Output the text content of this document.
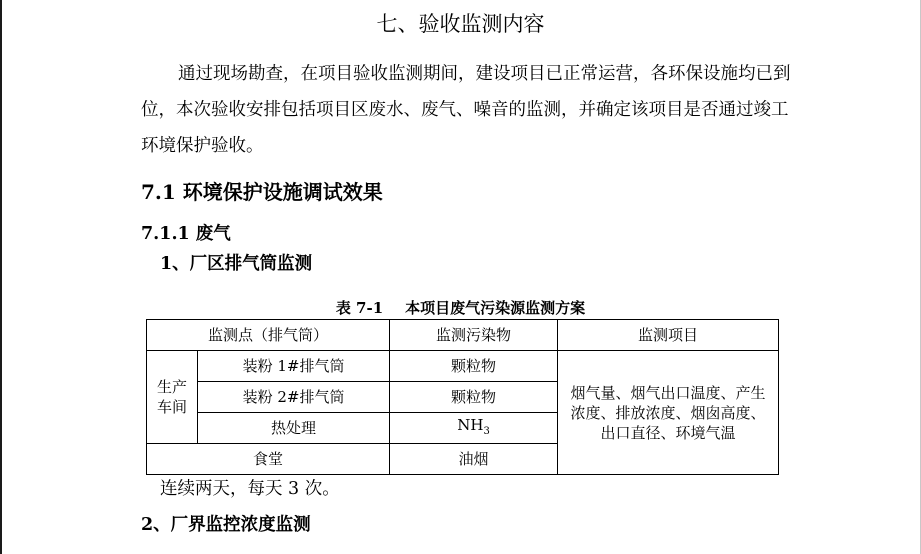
七、验收监测内容
通过现场勘查，在项目验收监测期间，建设项目已正常运营，各环保设施均已到位，本次验收安排包括项目区废水、废气、噪音的监测，并确定该项目是否通过竣工环境保护验收。
7.1 环境保护设施调试效果
7.1.1 废气
1、厂区排气筒监测
表 7-1 本项目废气污染源监测方案
监测点（排气筒）		监测污染物	监测项目
生产车间	装粉 1#排气筒	颗粒物	烟气量、烟气出口温度、产生浓度、排放浓度、烟囱高度、出口直径、环境气温
	装粉 2#排气筒	颗粒物	
	热处理	$NH_3$
食堂		油烟	
连续两天，每天 3 次。
2、厂界监控浓度监测
